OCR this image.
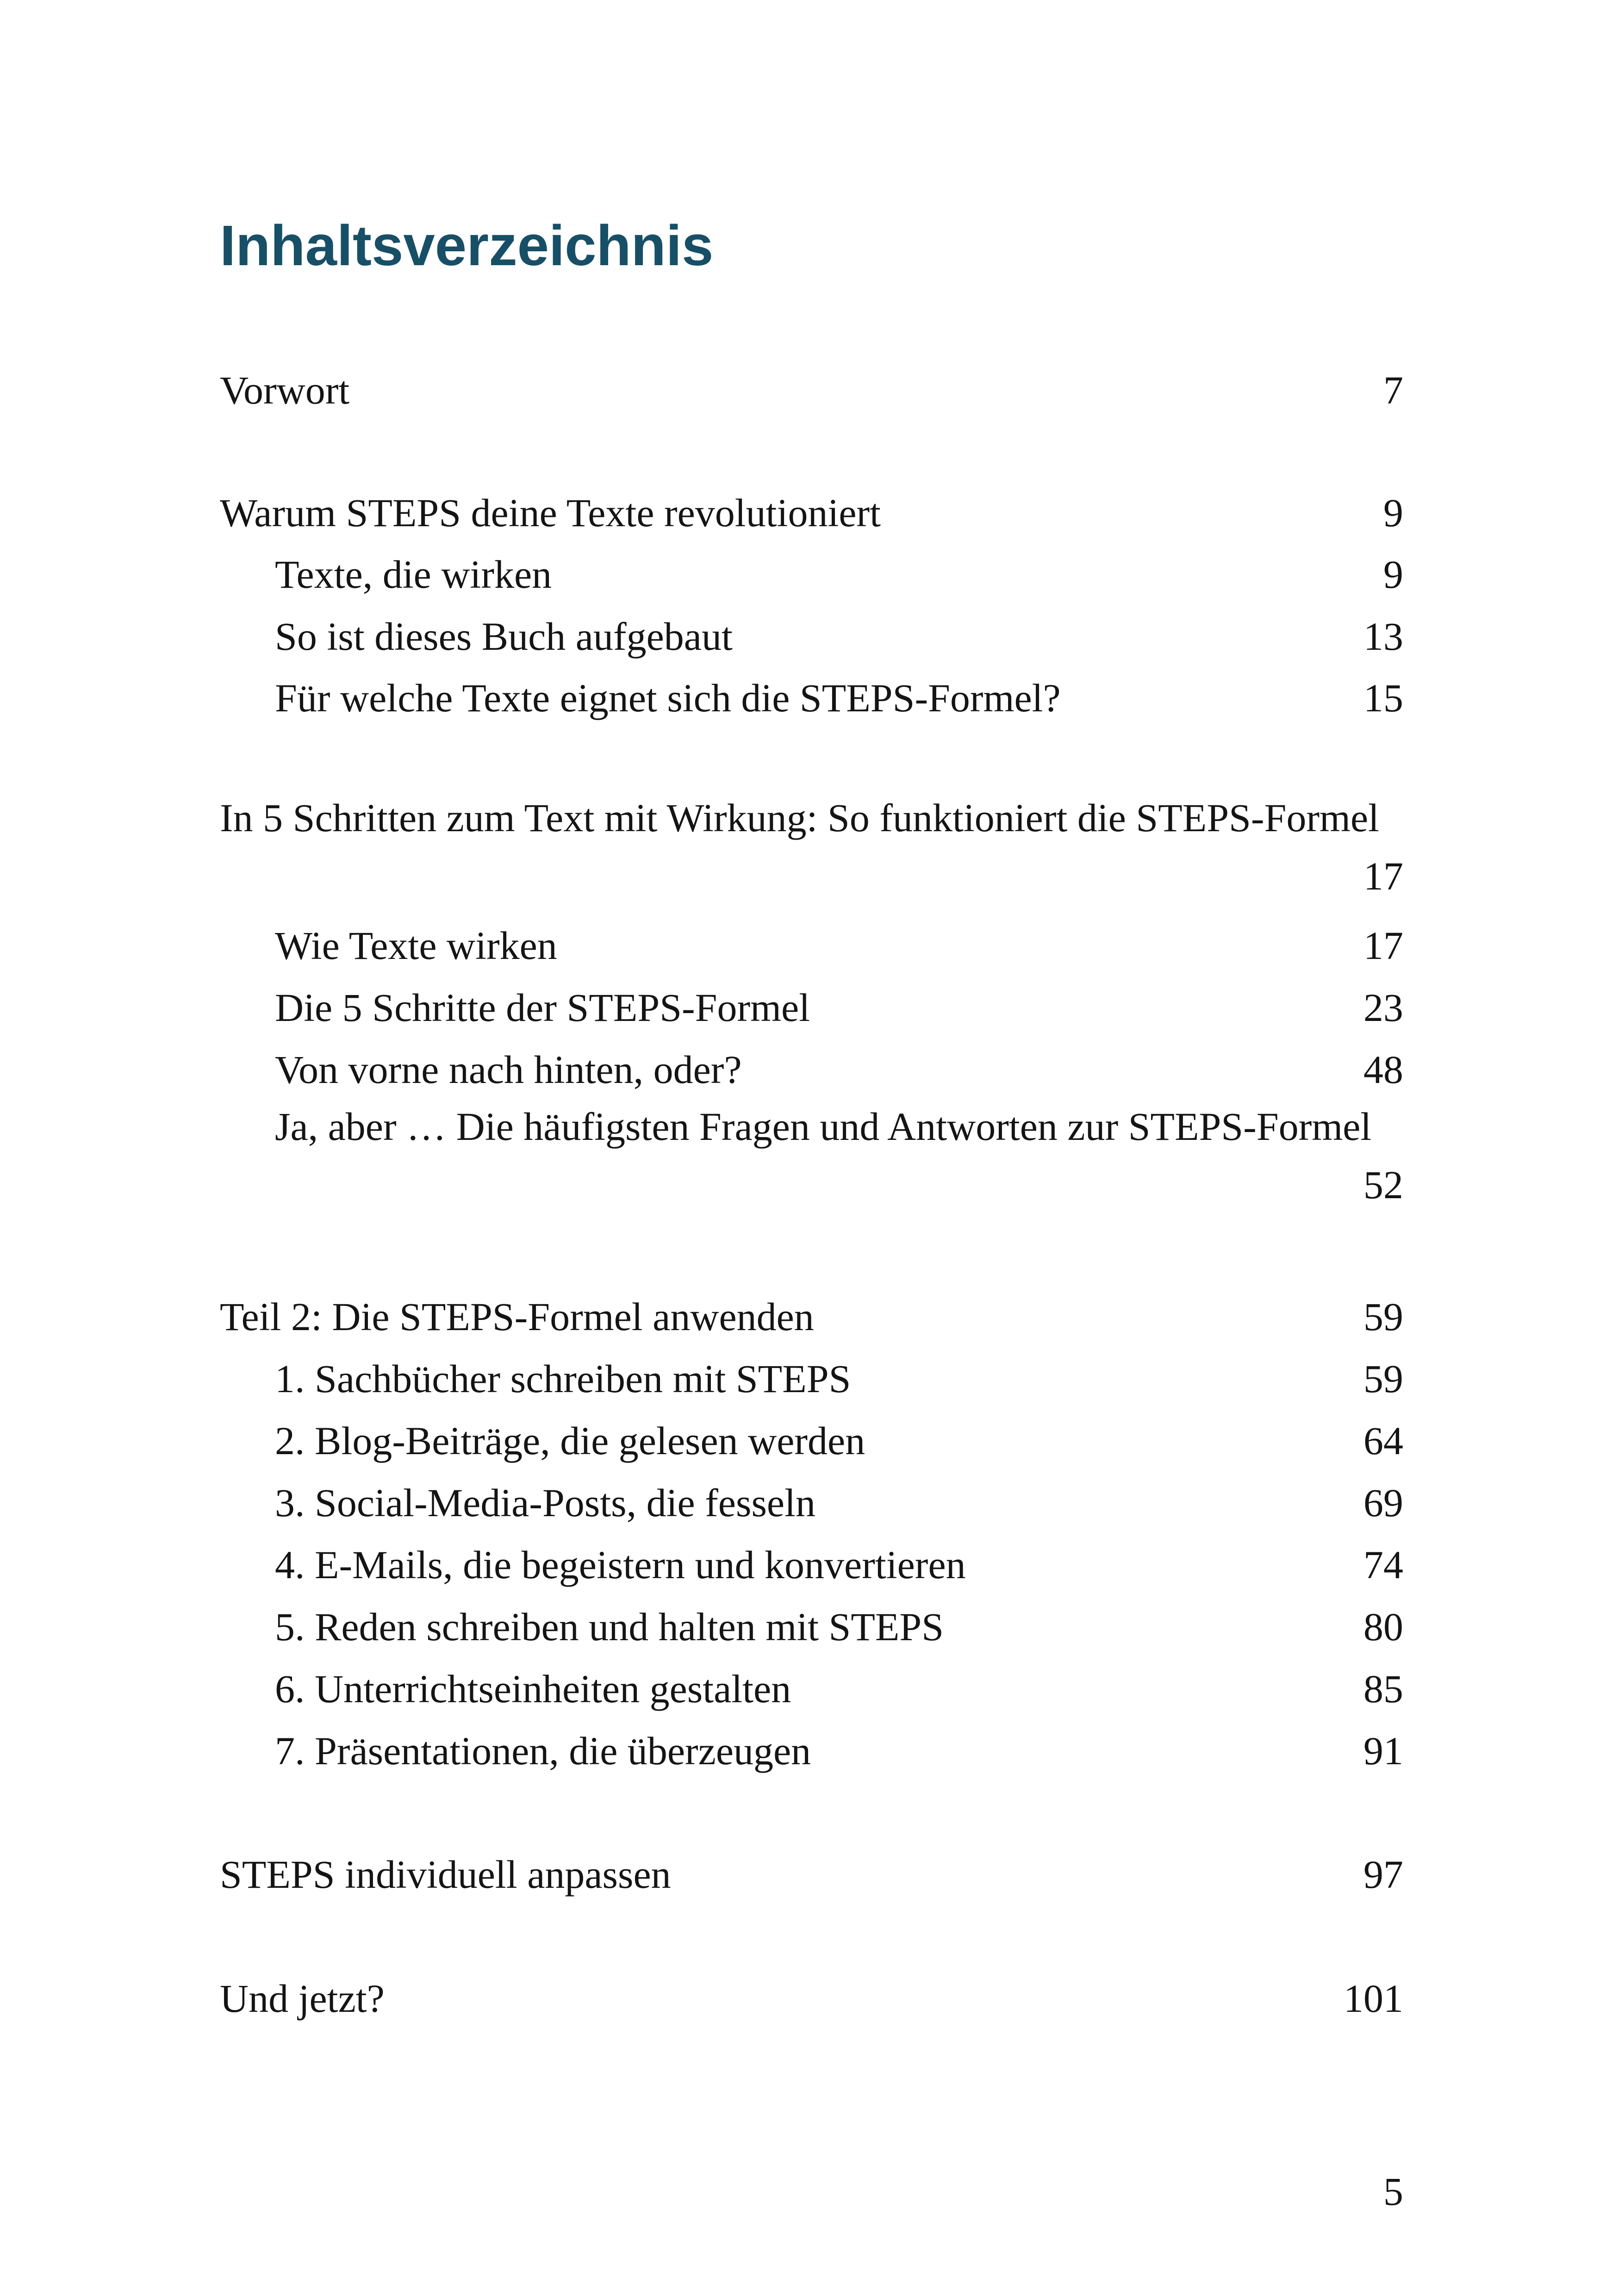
Inhaltsverzeichnis
Vorwort	7
Warum STEPS deine Texte revolutioniert	9
Texte, die wirken	9
So ist dieses Buch aufgebaut	13
Für welche Texte eignet sich die STEPS-Formel?	15
In 5 Schritten zum Text mit Wirkung: So funktioniert die STEPS-Formel
17
Wie Texte wirken	17
Die 5 Schritte der STEPS-Formel	23
Von vorne nach hinten, oder?	48
Ja, aber … Die häufigsten Fragen und Antworten zur STEPS-Formel
52
Teil 2: Die STEPS-Formel anwenden	59
1. Sachbücher schreiben mit STEPS	59
2. Blog-Beiträge, die gelesen werden	64
3. Social-Media-Posts, die fesseln	69
4. E-Mails, die begeistern und konvertieren	74
5. Reden schreiben und halten mit STEPS	80
6. Unterrichtseinheiten gestalten	85
7. Präsentationen, die überzeugen	91
STEPS individuell anpassen	97
Und jetzt?	101
5
